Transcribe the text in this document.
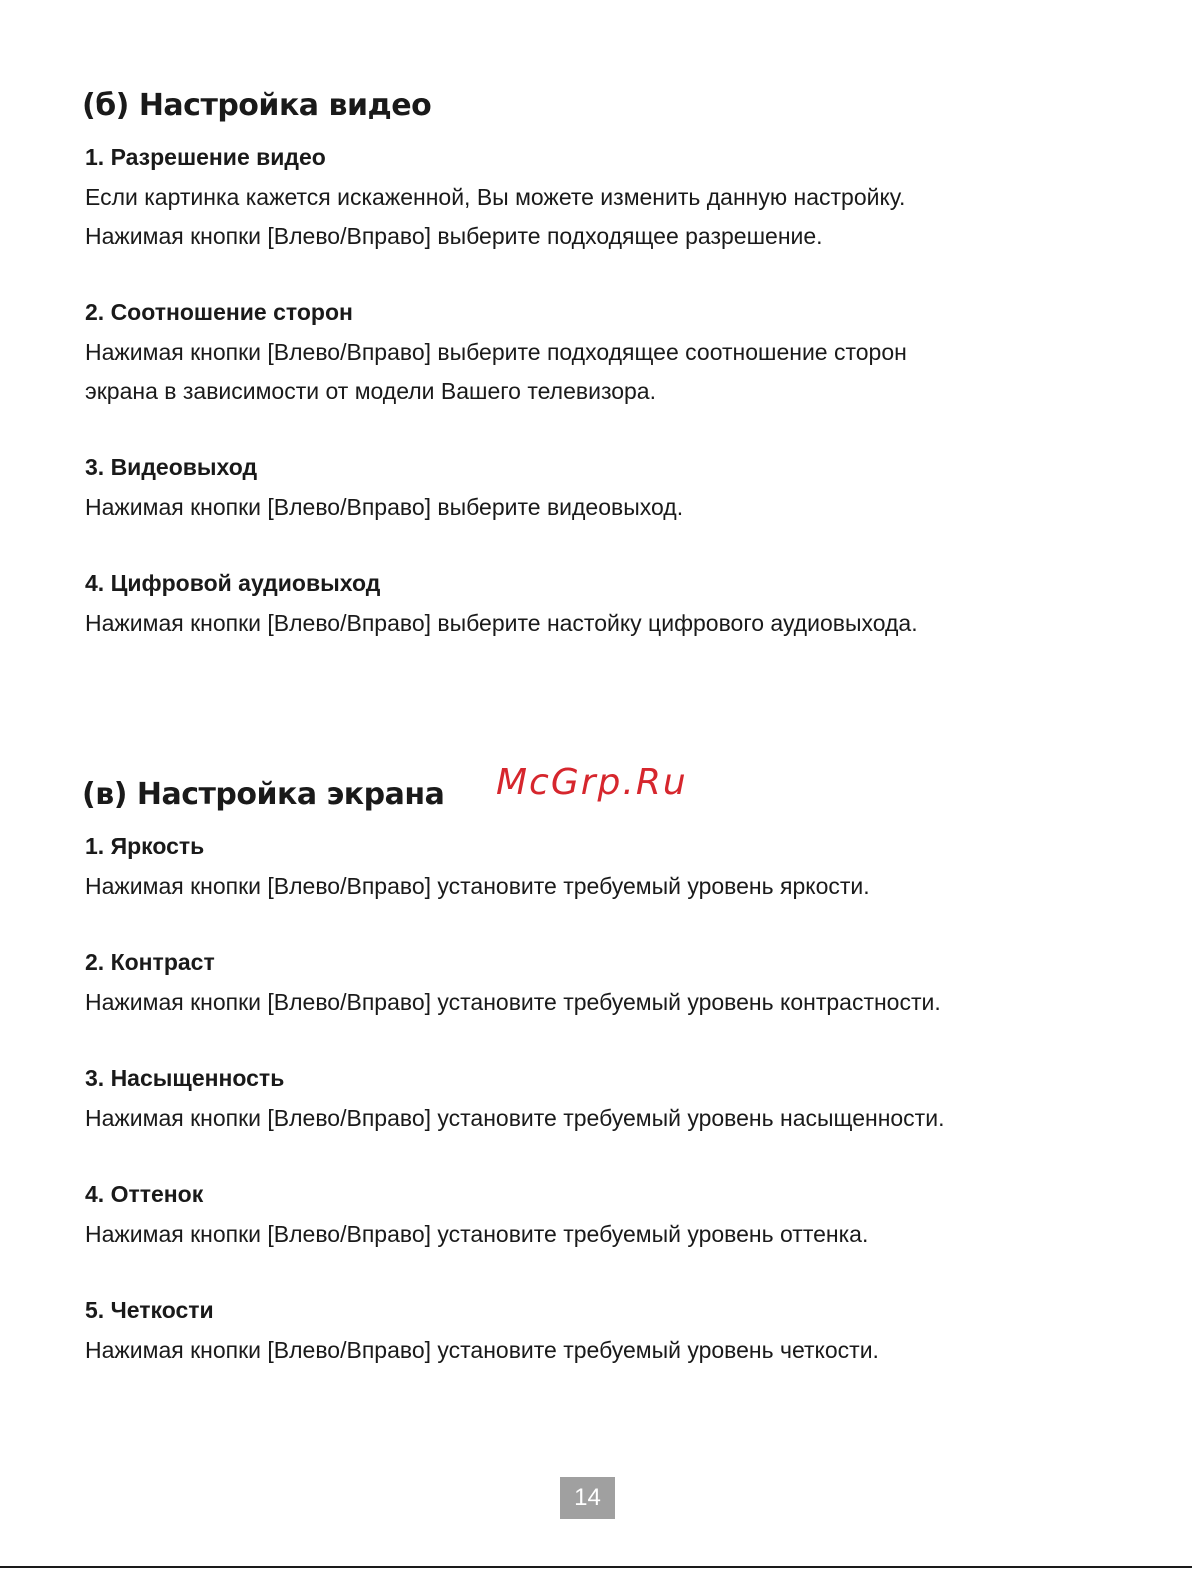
(б) Настройка видео
1. Разрешение видео

Если картинка кажется искаженной, Вы можете изменить данную настройку.

Нажимая кнопки [Влево/Вправо] выберите подходящее разрешение.

2. Соотношение сторон

Нажимая кнопки [Влево/Вправо] выберите подходящее соотношение сторон

экрана в зависимости от модели Вашего телевизора.

3. Видеовыход

Нажимая кнопки [Влево/Вправо] выберите видеовыход.

4. Цифровой аудиовыход

Нажимая кнопки [Влево/Вправо] выберите настойку цифрового аудиовыхода.

McGrp.Ru
(в) Настройка экрана
1. Яркость

Нажимая кнопки [Влево/Вправо] установите требуемый уровень яркости.

2. Контраст

Нажимая кнопки [Влево/Вправо] установите требуемый уровень контрастности.

3. Насыщенность

Нажимая кнопки [Влево/Вправо] установите требуемый уровень насыщенности.

4. Оттенок

Нажимая кнопки [Влево/Вправо] установите требуемый уровень оттенка.

5. Четкости

Нажимая кнопки [Влево/Вправо] установите требуемый уровень четкости.

14
